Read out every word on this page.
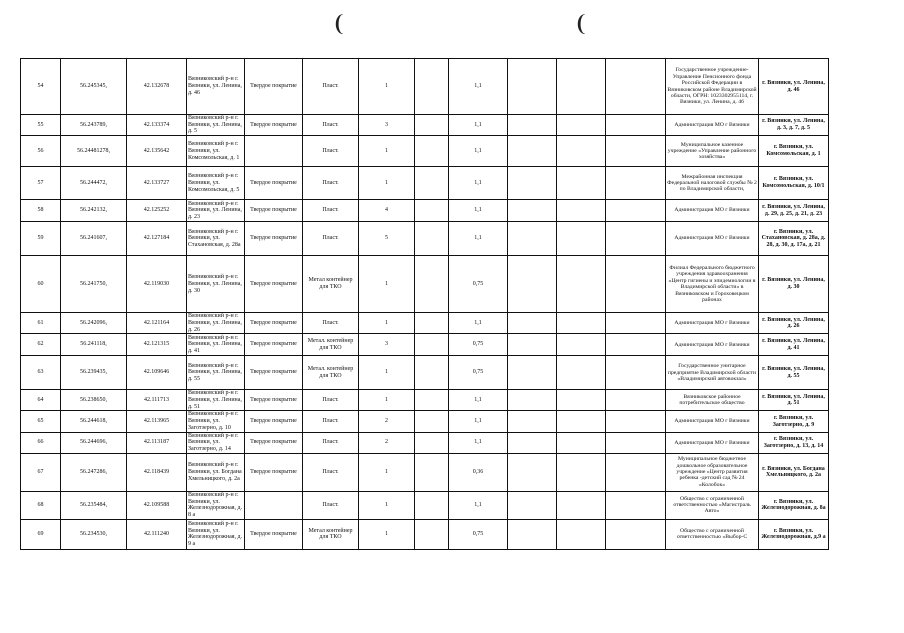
❨	❨
54	56.245345,	42.132678	Вязниковский р-н г. Вязники, ул. Ленина, д. 46	Твердое покрытие	Пласт.	1		1,1				Государственное учреждение-Управление Пенсионного фонда Российской Федерации в Вязниковском районе Владимирской области, ОГРН: 1023302955114, г. Вязники, ул. Ленина, д. 46	г. Вязники, ул. Ленина, д. 46
55	56.243789,	42.133374	Вязниковский р-н г. Вязники, ул. Ленина, д. 5	Твердое покрытие	Пласт.	3		1,1				Администрация МО г Вязники	г. Вязники, ул. Ленина, д. 3, д. 7, д. 5
56	56.24481278,	42.135642	Вязниковский р-н г. Вязники, ул. Комсомольская, д. 1		Пласт.	1		1,1				Муниципальное казенное учреждение «Управление районного хозяйства»	г. Вязники, ул. Комсомольская, д. 1
57	56.244472,	42.133727	Вязниковский р-н г. Вязники, ул. Комсомольская, д. 5	Твердое покрытие	Пласт.	1		1,1				Межрайонная инспекция Федеральной налоговой службы № 2 по Владимирской области,	г. Вязники, ул. Комсомольская, д. 10/1
58	56.242132,	42.125252	Вязниковский р-н г. Вязники, ул. Ленина, д. 23	Твердое покрытие	Пласт.	4		1,1				Администрация МО г Вязники	г. Вязники, ул. Ленина, д. 29, д. 25, д. 21, д. 23
59	56.241607,	42.127184	Вязниковский р-н г. Вязники, ул. Стахановская, д. 28а	Твердое покрытие	Пласт.	5		1,1				Администрация МО г Вязники	г. Вязники, ул. Стахановская, д. 28а, д. 28, д. 30, д. 17а, д. 21
60	56.241750,	42.119030	Вязниковский р-н г. Вязники, ул. Ленина, д. 30	Твердое покрытие	Метал контейнер для ТКО	1		0,75				Филиал Федерального бюджетного учреждения здравоохранения «Центр гигиены и эпидемиологии в Владимирской области» в Вязниковском и Гороховецком районах	г. Вязники, ул. Ленина, д. 30
61	56.242096,	42.121164	Вязниковский р-н г. Вязники, ул. Ленина, д. 26	Твердое покрытие	Пласт.	1		1,1				Администрация МО г Вязники	г. Вязники, ул. Ленина, д. 26
62	56.241118,	42.121315	Вязниковский р-н г. Вязники, ул. Ленина, д. 41	Твердое покрытие	Метал. контейнер для ТКО	3		0,75				Администрация МО г Вязники	г. Вязники, ул. Ленина, д. 41
63	56.239435,	42.109646	Вязниковский р-н г. Вязники, ул. Ленина, д. 55	Твердое покрытие	Метал. контейнер для ТКО	1		0,75				Государственное унитарное предприятие Владимирской области «Владимирский автовокзал»	г. Вязники, ул. Ленина, д. 55
64	56.238650,	42.111713	Вязниковский р-н г. Вязники, ул. Ленина, д. 51	Твердое покрытие	Пласт.	1		1,1				Вязниковское районное потребительское общество	г. Вязники, ул. Ленина, д. 51
65	56.244618,	42.113965	Вязниковский р-н г. Вязники, ул. Заготзерно, д. 10	Твердое покрытие	Пласт.	2		1,1				Администрация МО г Вязники	г. Вязники, ул. Заготзерно, д. 9
66	56.244696,	42.113187	Вязниковский р-н г. Вязники, ул. Заготзерно, д. 14	Твердое покрытие	Пласт.	2		1,1				Администрация МО г Вязники	г. Вязники, ул. Заготзерно, д. 13, д. 14
67	56.247286,	42.118439	Вязниковский р-н г. Вязники, ул. Богдана Хмельницкого, д. 2а	Твердое покрытие	Пласт.	1		0,36				Муниципальное бюджетное дошкольное образовательное учреждение «Центр развития ребенка -детский сад № 24 «Колобок»	г. Вязники, ул. Богдана Хмельницкого, д. 2а
68	56.235484,	42.109588	Вязниковский р-н г. Вязники, ул. Железнодорожная, д. 8 а		Пласт.	1		1,1				Общество с ограниченной ответственностью «Магистраль Авто»	г. Вязники, ул. Железнодорожная, д. 8а
69	56.234530,	42.111240	Вязниковский р-н г. Вязники, ул. Железнодорожная, д. 9 а	Твердое покрытие	Метал контейнер для ТКО	1		0,75				Общество с ограниченной ответственностью «Выбор-С	г. Вязники, ул. Железнодорожная, д.9 а
